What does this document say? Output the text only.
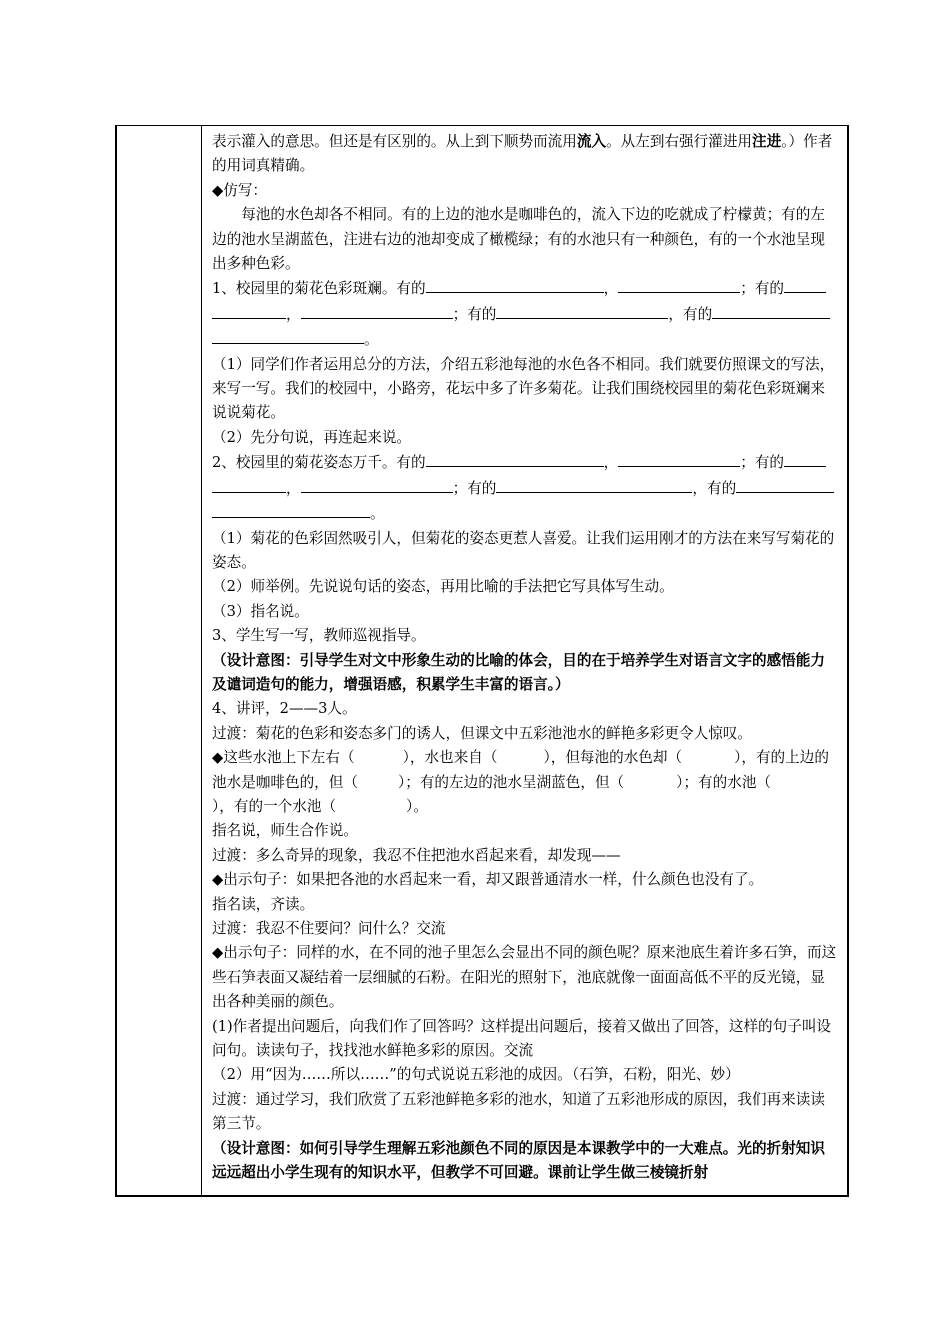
表示灌入的意思。但还是有区别的。从上到下顺势而流用流入。从左到右强行灌进用注进。）作者的用词真精确。

◆仿写：

每池的水色却各不相同。有的上边的池水是咖啡色的，流入下边的吃就成了柠檬黄；有的左边的池水呈湖蓝色，注进右边的池却变成了橄榄绿；有的水池只有一种颜色，有的一个水池呈现出多种色彩。

1、校园里的菊花色彩斑斓。有的	，	；有的
，	；有的	，有的
。

（1）同学们作者运用总分的方法，介绍五彩池每池的水色各不相同。我们就要仿照课文的写法，来写一写。我们的校园中，小路旁，花坛中多了许多菊花。让我们围绕校园里的菊花色彩斑斓来说说菊花。

（2）先分句说，再连起来说。

2、校园里的菊花姿态万千。有的	，	；有的
，	；有的	，有的
。

（1）菊花的色彩固然吸引人，但菊花的姿态更惹人喜爱。让我们运用刚才的方法在来写写菊花的姿态。

（2）师举例。先说说句话的姿态，再用比喻的手法把它写具体写生动。

（3）指名说。

3、学生写一写，教师巡视指导。

（设计意图：引导学生对文中形象生动的比喻的体会，目的在于培养学生对语言文字的感悟能力及谴词造句的能力，增强语感，积累学生丰富的语言。）

4、讲评，2——3人。

过渡：菊花的色彩和姿态多门的诱人，但课文中五彩池池水的鲜艳多彩更令人惊叹。

◆这些水池上下左右（	），水也来自（	），但每池的水色却（	），有的上边的池水是咖啡色的，但（	）；有的左边的池水呈湖蓝色，但（	）；有的水池（），有的一个水池（	）。

指名说，师生合作说。

过渡：多么奇异的现象，我忍不住把池水舀起来看，却发现——

◆出示句子：如果把各池的水舀起来一看，却又跟普通清水一样，什么颜色也没有了。

指名读，齐读。

过渡：我忍不住要问？问什么？交流

◆出示句子：同样的水，在不同的池子里怎么会显出不同的颜色呢？原来池底生着许多石笋，而这些石笋表面又凝结着一层细腻的石粉。在阳光的照射下，池底就像一面面高低不平的反光镜，显出各种美丽的颜色。

(1)作者提出问题后，向我们作了回答吗？这样提出问题后，接着又做出了回答，这样的句子叫设问句。读读句子，找找池水鲜艳多彩的原因。交流

（2）用“因为……所以……”的句式说说五彩池的成因。（石笋，石粉，阳光、妙）

过渡：通过学习，我们欣赏了五彩池鲜艳多彩的池水，知道了五彩池形成的原因，我们再来读读第三节。

（设计意图：如何引导学生理解五彩池颜色不同的原因是本课教学中的一大难点。光的折射知识远远超出小学生现有的知识水平，但教学不可回避。课前让学生做三棱镜折射
